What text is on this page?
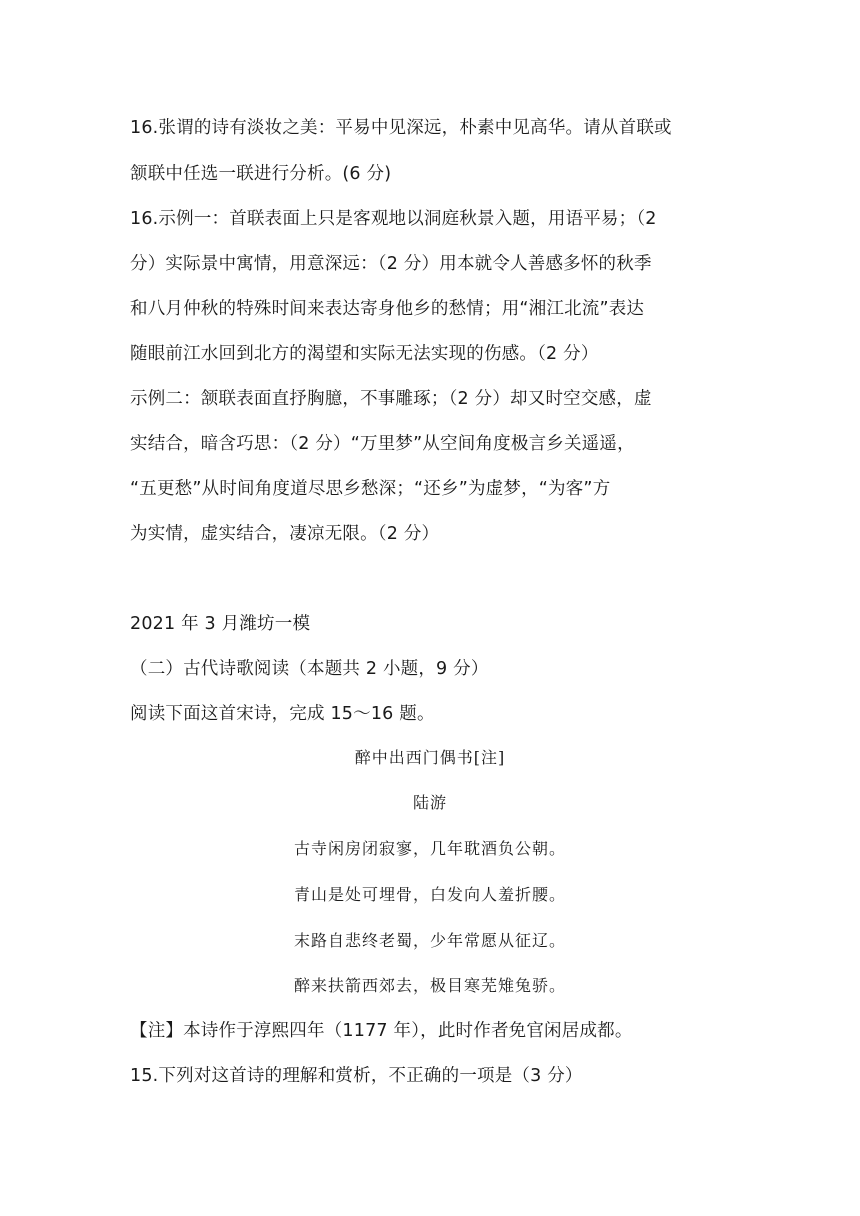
16.张谓的诗有淡妆之美：平易中见深远，朴素中见高华。请从首联或
颔联中任选一联进行分析。(6 分)
16.示例一：首联表面上只是客观地以洞庭秋景入题，用语平易；（2
分）实际景中寓情，用意深远：（2 分）用本就令人善感多怀的秋季
和八月仲秋的特殊时间来表达寄身他乡的愁情；用“湘江北流”表达
随眼前江水回到北方的渴望和实际无法实现的伤感。（2 分）
示例二：颔联表面直抒胸臆，不事雕琢；（2 分）却又时空交感，虚
实结合，暗含巧思：（2 分）“万里梦”从空间角度极言乡关遥遥，
“五更愁”从时间角度道尽思乡愁深；“还乡”为虚梦，“为客”方
为实情，虚实结合，凄凉无限。（2 分）
2021 年 3 月潍坊一模
（二）古代诗歌阅读（本题共 2 小题，9 分）
阅读下面这首宋诗，完成 15～16 题。
醉中出西门偶书[注]
陆游
古寺闲房闭寂寥，几年耽酒负公朝。
青山是处可埋骨，白发向人羞折腰。
末路自悲终老蜀，少年常愿从征辽。
醉来扶箭西郊去，极目寒芜雉兔骄。
【注】本诗作于淳熙四年（1177 年），此时作者免官闲居成都。
15.下列对这首诗的理解和赏析，不正确的一项是（3 分）
